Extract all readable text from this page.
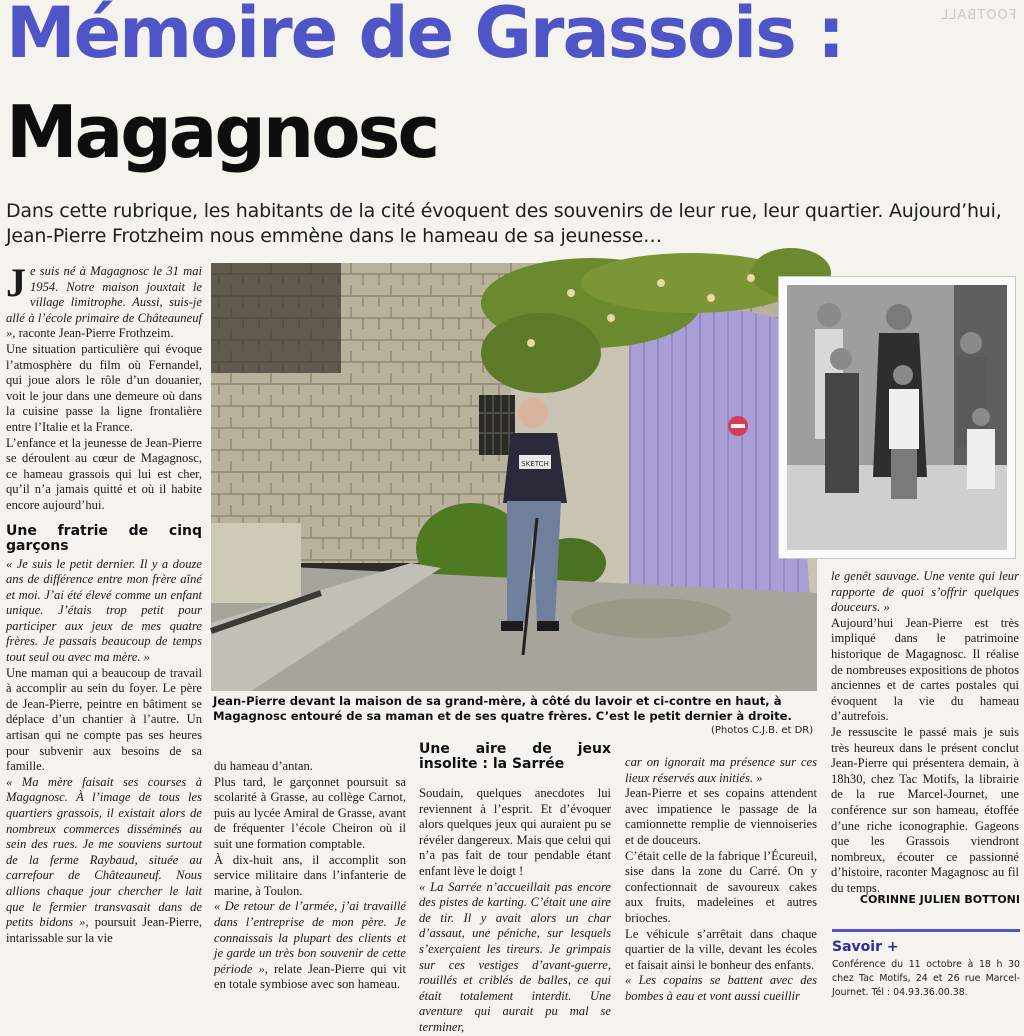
FOOTBALL
Mémoire de Grassois :
Magagnosc
Dans cette rubrique, les habitants de la cité évoquent des souvenirs de leur rue, leur quartier. Aujourd’hui, Jean-Pierre Frotzheim nous emmène dans le hameau de sa jeunesse…

J e suis né à Magagnosc le 31 mai 1954. Notre maison jouxtait le village limitrophe. Aussi, suis-je allé à l’école primaire de Châteauneuf », raconte Jean-Pierre Frothzeim.

Une situation particulière qui évoque l’atmosphère du film où Fernandel, qui joue alors le rôle d’un douanier, voit le jour dans une demeure où dans la cuisine passe la ligne frontalière entre l’Italie et la France.

L’enfance et la jeunesse de Jean-Pierre se déroulent au cœur de Magagnosc, ce hameau grassois qui lui est cher, qu’il n’a jamais quitté et où il habite encore aujourd’hui.

Une fratrie de cinq garçons

« Je suis le petit dernier. Il y a douze ans de différence entre mon frère aîné et moi. J’ai été élevé comme un enfant unique. J’étais trop petit pour participer aux jeux de mes quatre frères. Je passais beaucoup de temps tout seul ou avec ma mère. »

Une maman qui a beaucoup de travail à accomplir au sein du foyer. Le père de Jean-Pierre, peintre en bâtiment se déplace d’un chantier à l’autre. Un artisan qui ne compte pas ses heures pour subvenir aux besoins de sa famille.

« Ma mère faisait ses courses à Magagnosc. À l’image de tous les quartiers grassois, il existait alors de nombreux commerces disséminés au sein des rues. Je me souviens surtout de la ferme Raybaud, située au carrefour de Châteauneuf. Nous allions chaque jour chercher le lait que le fermier transvasait dans de petits bidons », poursuit Jean-Pierre, intarissable sur la vie

SKETCH
Jean-Pierre devant la maison de sa grand-mère, à côté du lavoir et ci-contre en haut, à Magagnosc entouré de sa maman et de ses quatre frères. C’est le petit dernier à droite.
(Photos C.J.B. et DR)

du hameau d’antan.

Plus tard, le garçonnet poursuit sa scolarité à Grasse, au collège Carnot, puis au lycée Amiral de Grasse, avant de fréquenter l’école Cheiron où il suit une formation comptable.

À dix-huit ans, il accomplit son service militaire dans l’infanterie de marine, à Toulon.

« De retour de l’armée, j’ai travaillé dans l’entreprise de mon père. Je connaissais la plupart des clients et je garde un très bon souvenir de cette période », relate Jean-Pierre qui vit en totale symbiose avec son hameau.

Une aire de jeux insolite : la Sarrée

Soudain, quelques anecdotes lui reviennent à l’esprit. Et d’évoquer alors quelques jeux qui auraient pu se révéler dangereux. Mais que celui qui n’a pas fait de tour pendable étant enfant lève le doigt !

« La Sarrée n’accueillait pas encore des pistes de karting. C’était une aire de tir. Il y avait alors un char d’assaut, une péniche, sur lesquels s’exerçaient les tireurs. Je grimpais sur ces vestiges d’avant-guerre, rouillés et criblés de balles, ce qui était totalement interdit. Une aventure qui aurait pu mal se terminer,

car on ignorait ma présence sur ces lieux réservés aux initiés. »

Jean-Pierre et ses copains attendent avec impatience le passage de la camionnette remplie de viennoiseries et de douceurs.

C’était celle de la fabrique l’Écureuil, sise dans la zone du Carré. On y confectionnait de savoureux cakes aux fruits, madeleines et autres brioches.

Le véhicule s’arrêtait dans chaque quartier de la ville, devant les écoles et faisait ainsi le bonheur des enfants.

« Les copains se battent avec des bombes à eau et vont aussi cueillir

le genêt sauvage. Une vente qui leur rapporte de quoi s’offrir quelques douceurs. »

Aujourd’hui Jean-Pierre est très impliqué dans le patrimoine historique de Magagnosc. Il réalise de nombreuses expositions de photos anciennes et de cartes postales qui évoquent la vie du hameau d’autrefois.

Je ressuscite le passé mais je suis très heureux dans le présent conclut Jean-Pierre qui présentera demain, à 18h30, chez Tac Motifs, la librairie de la rue Marcel-Journet, une conférence sur son hameau, étoffée d’une riche iconographie. Gageons que les Grassois viendront nombreux, écouter ce passionné d’histoire, raconter Magagnosc au fil du temps.

CORINNE JULIEN BOTTONI
Savoir +
Conférence du 11 octobre à 18 h 30 chez Tac Motifs, 24 et 26 rue Marcel-Journet. Tél : 04.93.36.00.38.
